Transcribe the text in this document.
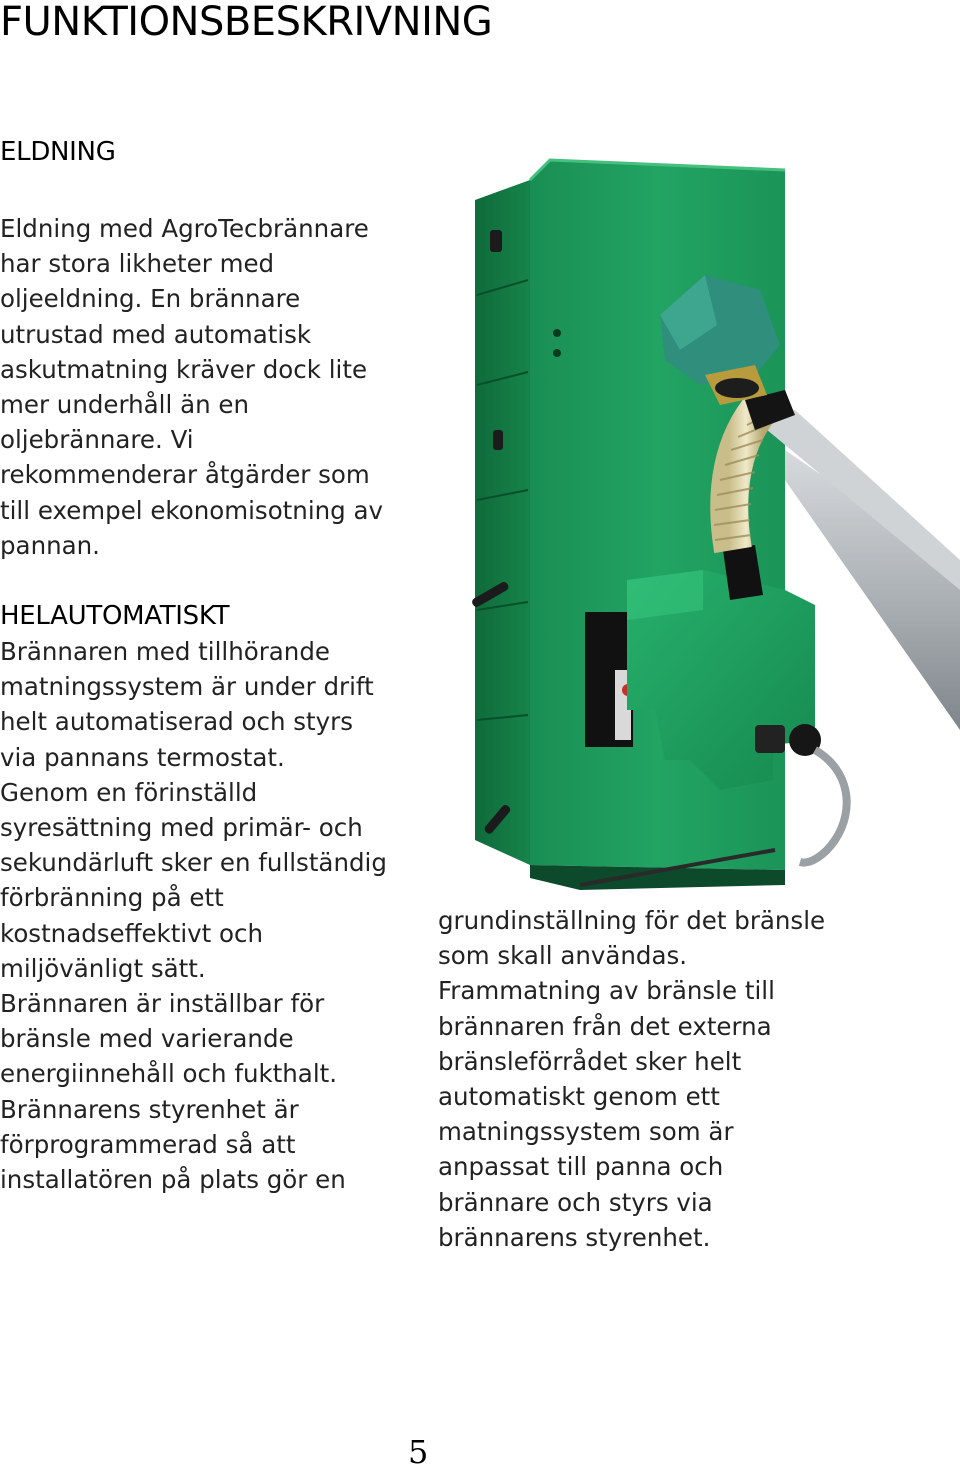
FUNKTIONSBESKRIVNING
ELDNING

Eldning med AgroTecbrännare
har stora likheter med
oljeeldning. En brännare
utrustad med automatisk
askutmatning kräver dock lite
mer underhåll än en
oljebrännare. Vi
rekommenderar åtgärder som
till exempel ekonomisotning av
pannan.

HELAUTOMATISKT

Brännaren med tillhörande
matningssystem är under drift
helt automatiserad och styrs
via pannans termostat.
Genom en förinställd
syresättning med primär- och
sekundärluft sker en fullständig
förbränning på ett
kostnadseffektivt och
miljövänligt sätt.
Brännaren är inställbar för
bränsle med varierande
energiinnehåll och fukthalt.
Brännarens styrenhet är
förprogrammerad så att
installatören på plats gör en

grundinställning för det bränsle
som skall användas.
Frammatning av bränsle till
brännaren från det externa
bränsleförrådet sker helt
automatiskt genom ett
matningssystem som är
anpassat till panna och
brännare och styrs via
brännarens styrenhet.

5
